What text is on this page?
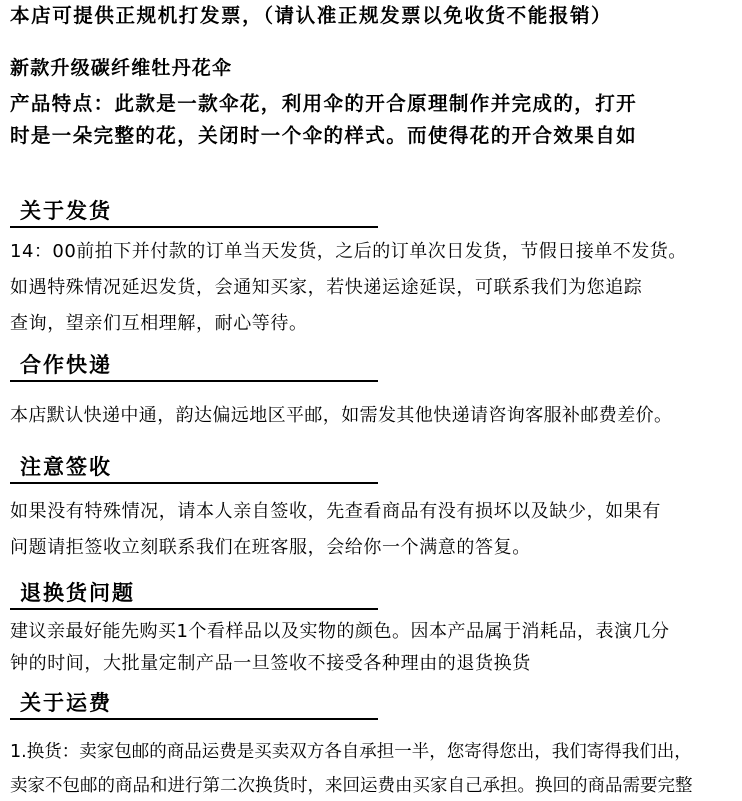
本店可提供正规机打发票，（请认准正规发票以免收货不能报销）

新款升级碳纤维牡丹花伞

产品特点：此款是一款伞花，利用伞的开合原理制作并完成的，打开

时是一朵完整的花，关闭时一个伞的样式。而使得花的开合效果自如

关于发货

14：00前拍下并付款的订单当天发货，之后的订单次日发货，节假日接单不发货。

如遇特殊情况延迟发货，会通知买家，若快递运途延误，可联系我们为您追踪

查询，望亲们互相理解，耐心等待。

合作快递

本店默认快递中通，韵达偏远地区平邮，如需发其他快递请咨询客服补邮费差价。

注意签收

如果没有特殊情况，请本人亲自签收，先查看商品有没有损坏以及缺少，如果有

问题请拒签收立刻联系我们在班客服，会给你一个满意的答复。

退换货问题

建议亲最好能先购买1个看样品以及实物的颜色。因本产品属于消耗品，表演几分

钟的时间，大批量定制产品一旦签收不接受各种理由的退货换货

关于运费

1.换货：卖家包邮的商品运费是买卖双方各自承担一半，您寄得您出，我们寄得我们出，

卖家不包邮的商品和进行第二次换货时，来回运费由买家自己承担。换回的商品需要完整
